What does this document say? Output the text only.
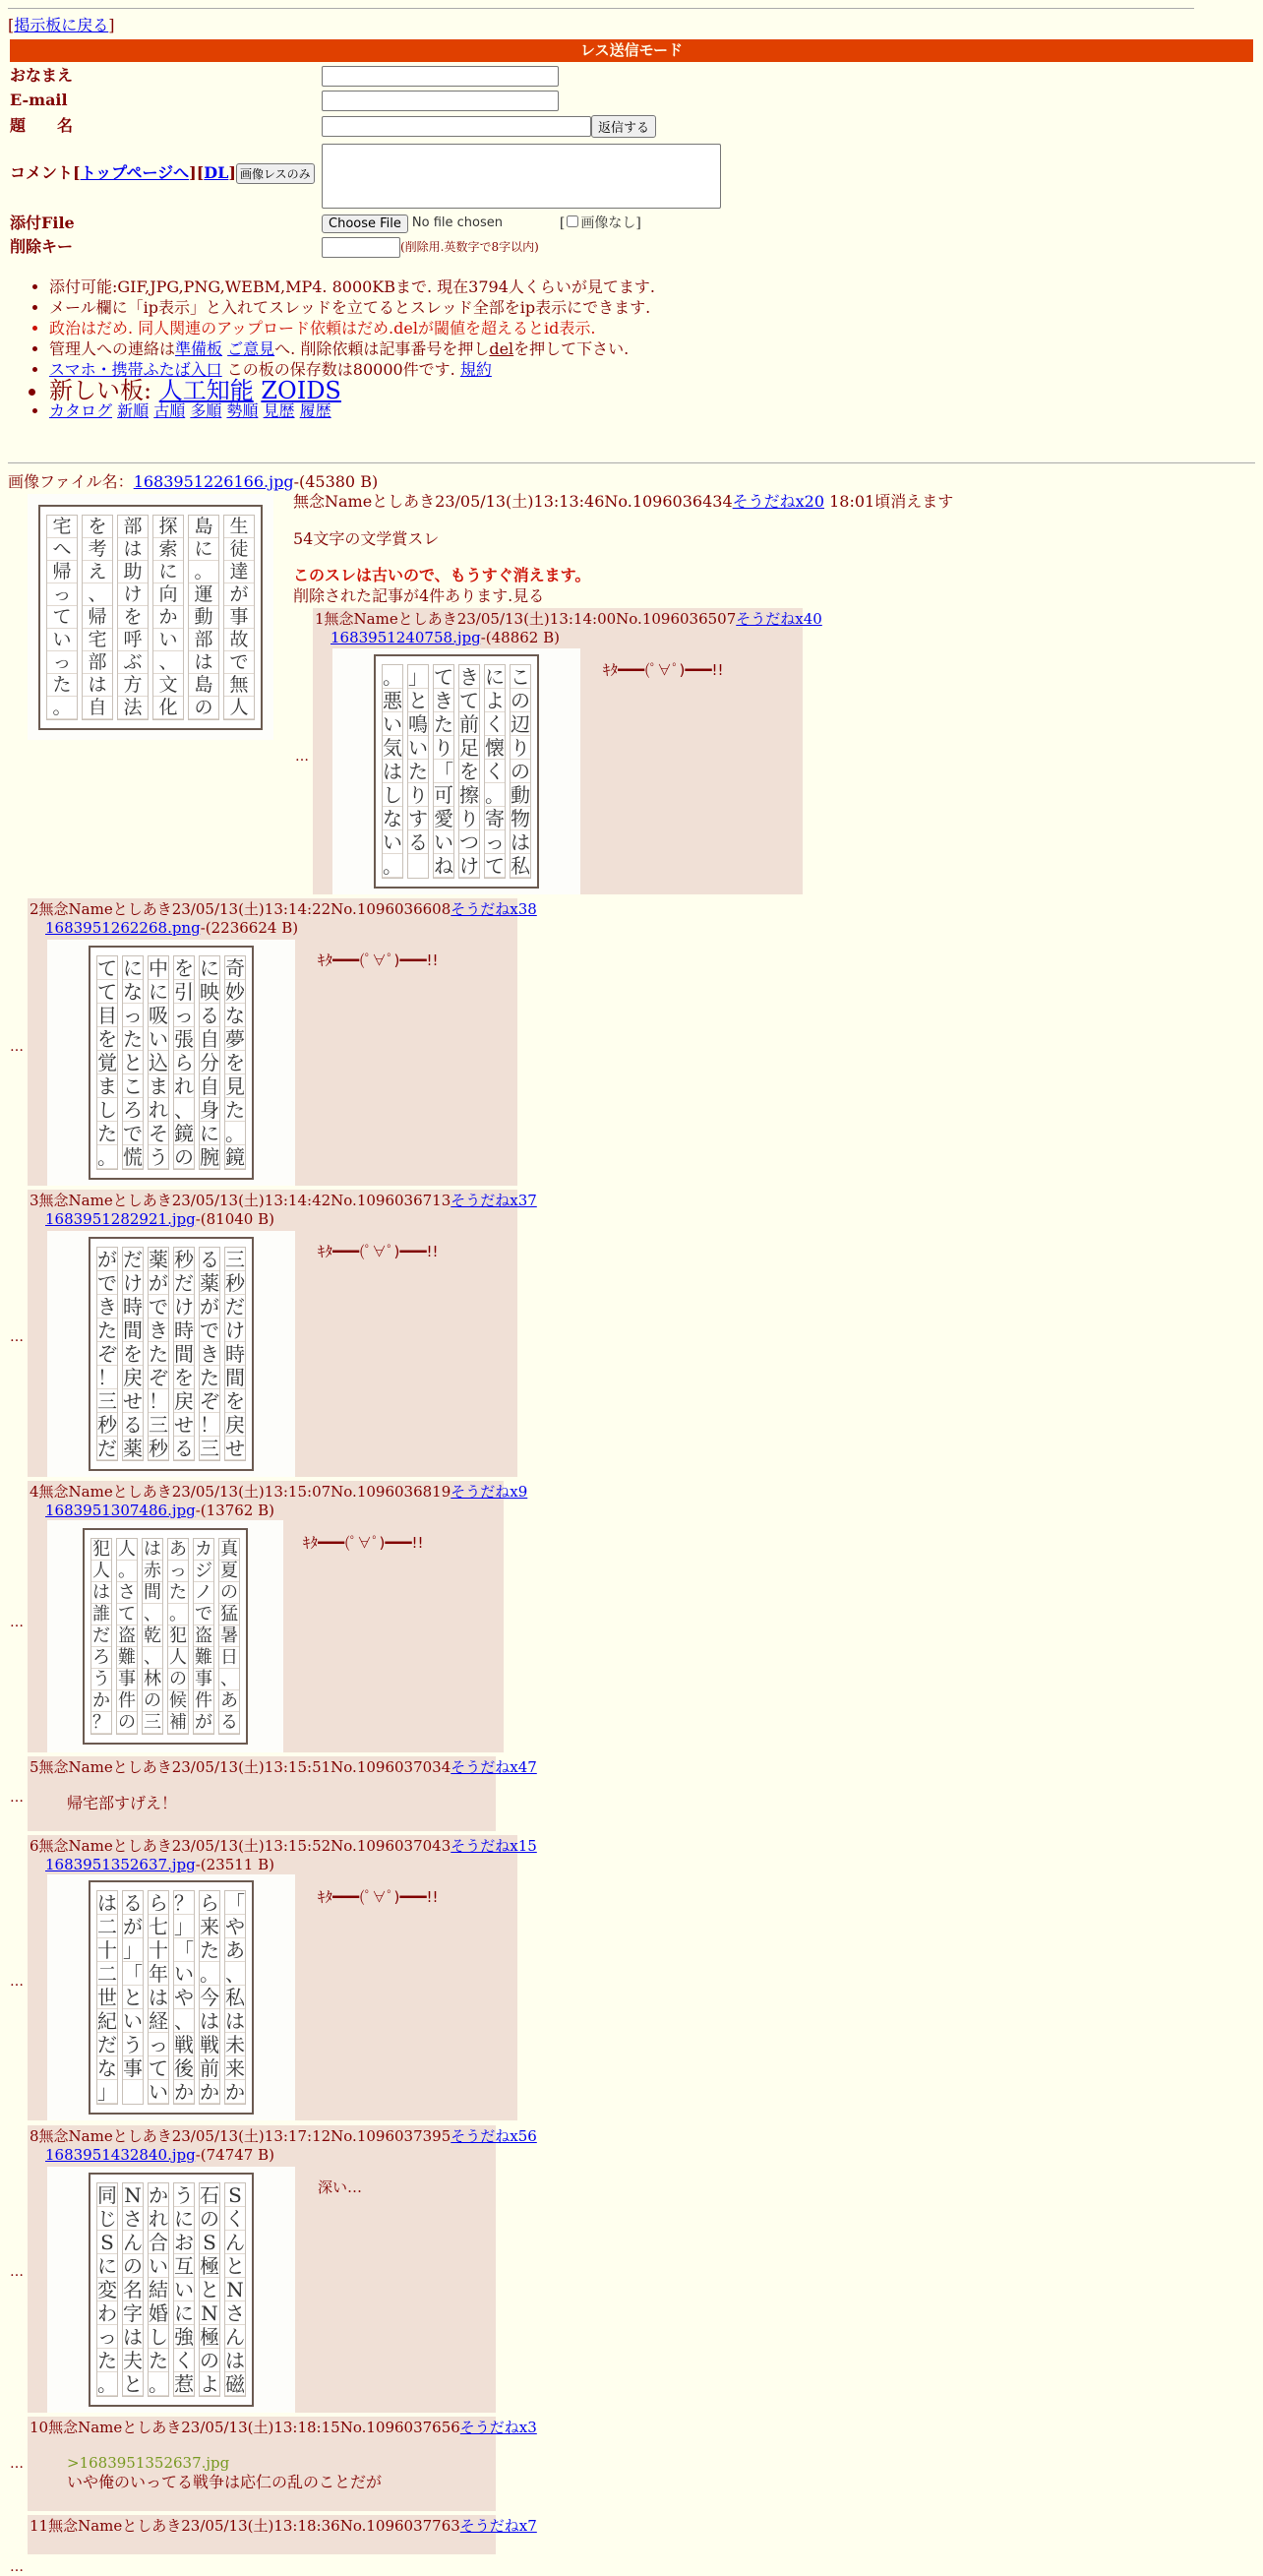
[掲示板に戻る]
レス送信モード
おなまえ
E-mail
題　　名	返信する
コメント[トップページへ][DL] 画像レスのみ
添付File	Choose File No file chosen	[ 画像なし]
削除キー	(削除用.英数字で8字以内)
• 添付可能:GIF,JPG,PNG,WEBM,MP4. 8000KBまで. 現在3794人くらいが見てます.
• メール欄に「ip表示」と入れてスレッドを立てるとスレッド全部をip表示にできます.
• 政治はだめ. 同人関連のアップロード依頼はだめ.delが閾値を超えるとid表示.
• 管理人への連絡は準備板 ご意見へ. 削除依頼は記事番号を押しdelを押して下さい.
• スマホ・携帯ふたば入口 この板の保存数は80000件です. 規約
• 新しい板: 人工知能 ZOIDS
• カタログ 新順 古順 多順 勢順 見歴 履歴
画像ファイル名：1683951226166.jpg-(45380 B)
生
徒
達
が
事
故
で
無
人
島
に
。
運
動
部
は
島
の
探
索
に
向
か
い
、
文
化
部
は
助
け
を
呼
ぶ
方
法
を
考
え
、
帰
宅
部
は
自
宅
へ
帰
っ
て
い
っ
た
。
無念Nameとしあき23/05/13(土)13:13:46No.1096036434そうだねx20 18:01頃消えます
54文字の文学賞スレ
このスレは古いので、もうすぐ消えます。
削除された記事が4件あります.見る
1無念Nameとしあき23/05/13(土)13:14:00No.1096036507そうだねx40
1683951240758.jpg-(48862 B)
こ
の
辺
り
の
動
物
は
私
に
よ
く
懐
く
。
寄
っ
て
き
て
前
足
を
擦
り
つ
け
て
き
た
り
「
可
愛
い
ね
」
と
鳴
い
た
り
す
る
。
悪
い
気
は
し
な
い
。
ｷﾀ━━━(ﾟ∀ﾟ)━━━!!
…
2無念Nameとしあき23/05/13(土)13:14:22No.1096036608そうだねx38
1683951262268.png-(2236624 B)
奇
妙
な
夢
を
見
た
。
鏡
に
映
る
自
分
自
身
に
腕
を
引
っ
張
ら
れ
、
鏡
の
中
に
吸
い
込
ま
れ
そ
う
に
な
っ
た
と
こ
ろ
で
慌
て
て
目
を
覚
ま
し
た
。
ｷﾀ━━━(ﾟ∀ﾟ)━━━!!
…
3無念Nameとしあき23/05/13(土)13:14:42No.1096036713そうだねx37
1683951282921.jpg-(81040 B)
三
秒
だ
け
時
間
を
戻
せ
る
薬
が
で
き
た
ぞ
！
三
秒
だ
け
時
間
を
戻
せ
る
薬
が
で
き
た
ぞ
！
三
秒
だ
け
時
間
を
戻
せ
る
薬
が
で
き
た
ぞ
！
三
秒
だ
ｷﾀ━━━(ﾟ∀ﾟ)━━━!!
…
4無念Nameとしあき23/05/13(土)13:15:07No.1096036819そうだねx9
1683951307486.jpg-(13762 B)
真
夏
の
猛
暑
日
、
あ
る
カ
ジ
ノ
で
盗
難
事
件
が
あ
っ
た
。
犯
人
の
候
補
は
赤
間
、
乾
、
林
の
三
人
。
さ
て
盗
難
事
件
の
犯
人
は
誰
だ
ろ
う
か
？
ｷﾀ━━━(ﾟ∀ﾟ)━━━!!
…
5無念Nameとしあき23/05/13(土)13:15:51No.1096037034そうだねx47
帰宅部すげえ！
…
6無念Nameとしあき23/05/13(土)13:15:52No.1096037043そうだねx15
1683951352637.jpg-(23511 B)
「
や
あ
、
私
は
未
来
か
ら
来
た
。
今
は
戦
前
か
？
」
「
い
や
、
戦
後
か
ら
七
十
年
は
経
っ
て
い
る
が
」
「
と
い
う
事
は
二
十
二
世
紀
だ
な
」
ｷﾀ━━━(ﾟ∀ﾟ)━━━!!
…
8無念Nameとしあき23/05/13(土)13:17:12No.1096037395そうだねx56
1683951432840.jpg-(74747 B)
S
く
ん
と
N
さ
ん
は
磁
石
の
S
極
と
N
極
の
よ
う
に
お
互
い
に
強
く
惹
か
れ
合
い
結
婚
し
た
。
N
さ
ん
の
名
字
は
夫
と
同
じ
S
に
変
わ
っ
た
。
深い…
…
10無念Nameとしあき23/05/13(土)13:18:15No.1096037656そうだねx3
>1683951352637.jpg
いや俺のいってる戦争は応仁の乱のことだが
…
11無念Nameとしあき23/05/13(土)13:18:36No.1096037763そうだねx7
…
